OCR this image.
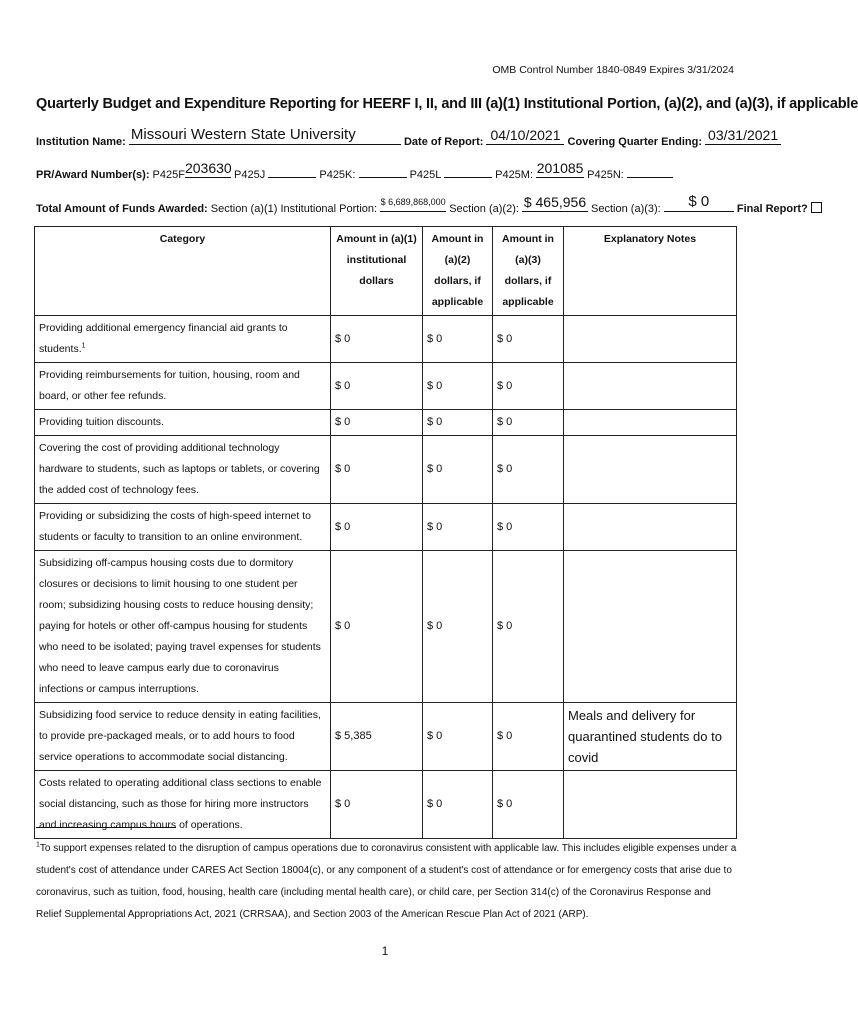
OMB Control Number 1840-0849 Expires 3/31/2024
Quarterly Budget and Expenditure Reporting for HEERF I, II, and III (a)(1) Institutional Portion, (a)(2), and (a)(3), if applicable
Institution Name: Missouri Western State University	Date of Report: 04/10/2021 Covering Quarter Ending: 03/31/2021
PR/Award Number(s): P425F 203630 P425J	P425K:	P425L	P425M: 201085 P425N:
Total Amount of Funds Awarded: Section (a)(1) Institutional Portion:
$ 6,689,868,000
Section (a)(2): $ 465,956 Section (a)(3):	$ 0	Final Report?
Category	Amount in (a)(1) institutional dollars	Amount in (a)(2) dollars, if applicable	Amount in (a)(3) dollars, if applicable	Explanatory Notes
Providing additional emergency financial aid grants to students.$^1$	$ 0	$ 0	$ 0	
Providing reimbursements for tuition, housing, room and board, or other fee refunds.	$ 0	$ 0	$ 0	
Providing tuition discounts.	$ 0	$ 0	$ 0	
Covering the cost of providing additional technology hardware to students, such as laptops or tablets, or covering the added cost of technology fees.	$ 0	$ 0	$ 0	
Providing or subsidizing the costs of high-speed internet to students or faculty to transition to an online environment.	$ 0	$ 0	$ 0	
Subsidizing off-campus housing costs due to dormitory closures or decisions to limit housing to one student per room; subsidizing housing costs to reduce housing density; paying for hotels or other off-campus housing for students who need to be isolated; paying travel expenses for students who need to leave campus early due to coronavirus infections or campus interruptions.	$ 0	$ 0	$ 0	
Subsidizing food service to reduce density in eating facilities, to provide pre-packaged meals, or to add hours to food service operations to accommodate social distancing.	$ 5,385	$ 0	$ 0	Meals and delivery for quarantined students do to covid
Costs related to operating additional class sections to enable social distancing, such as those for hiring more instructors and increasing campus hours of operations.	$ 0	$ 0	$ 0	
$^1$To support expenses related to the disruption of campus operations due to coronavirus consistent with applicable law. This includes eligible expenses under a student's cost of attendance under CARES Act Section 18004(c), or any component of a student's cost of attendance or for emergency costs that arise due to coronavirus, such as tuition, food, housing, health care (including mental health care), or child care, per Section 314(c) of the Coronavirus Response and Relief Supplemental Appropriations Act, 2021 (CRRSAA), and Section 2003 of the American Rescue Plan Act of 2021 (ARP).
1
